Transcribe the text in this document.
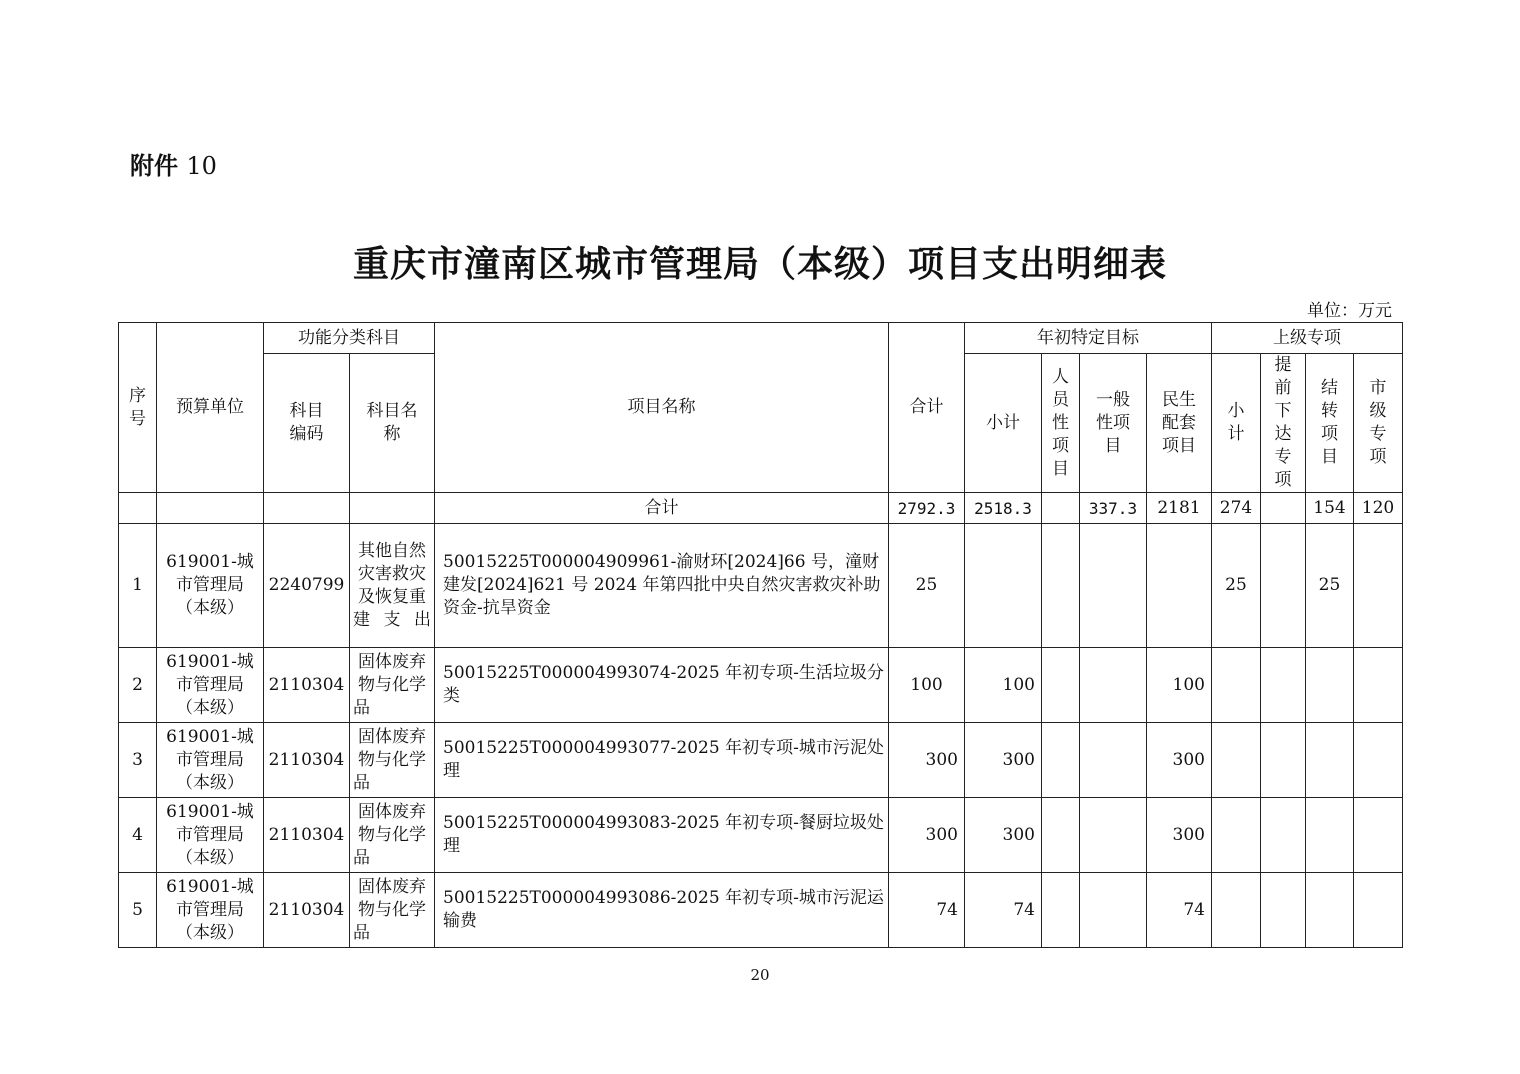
附件 10
重庆市潼南区城市管理局（本级）项目支出明细表
单位：万元
序号	预算单位	功能分类科目		项目名称	合计	年初特定目标				上级专项			
		科目编码	科目名称			小计	人员性项目	一般性项目	民生配套项目	小计	提前下达专项	结转项目	市级专项
				合计	2792.3	2518.3		337.3	2181	274		154	120
1	619001-城市管理局（本级）	2240799	其他自然灾害救灾及恢复重建支出	50015225T000004909961-渝财环[2024]66 号，潼财建发[2024]621 号 2024 年第四批中央自然灾害救灾补助资金-抗旱资金	25					25		25	
2	619001-城市管理局（本级）	2110304	固体废弃物与化学品	50015225T000004993074-2025 年初专项-生活垃圾分类	100	100			100				
3	619001-城市管理局（本级）	2110304	固体废弃物与化学品	50015225T000004993077-2025 年初专项-城市污泥处理	300	300			300				
4	619001-城市管理局（本级）	2110304	固体废弃物与化学品	50015225T000004993083-2025 年初专项-餐厨垃圾处理	300	300			300				
5	619001-城市管理局（本级）	2110304	固体废弃物与化学品	50015225T000004993086-2025 年初专项-城市污泥运输费	74	74			74				
20
